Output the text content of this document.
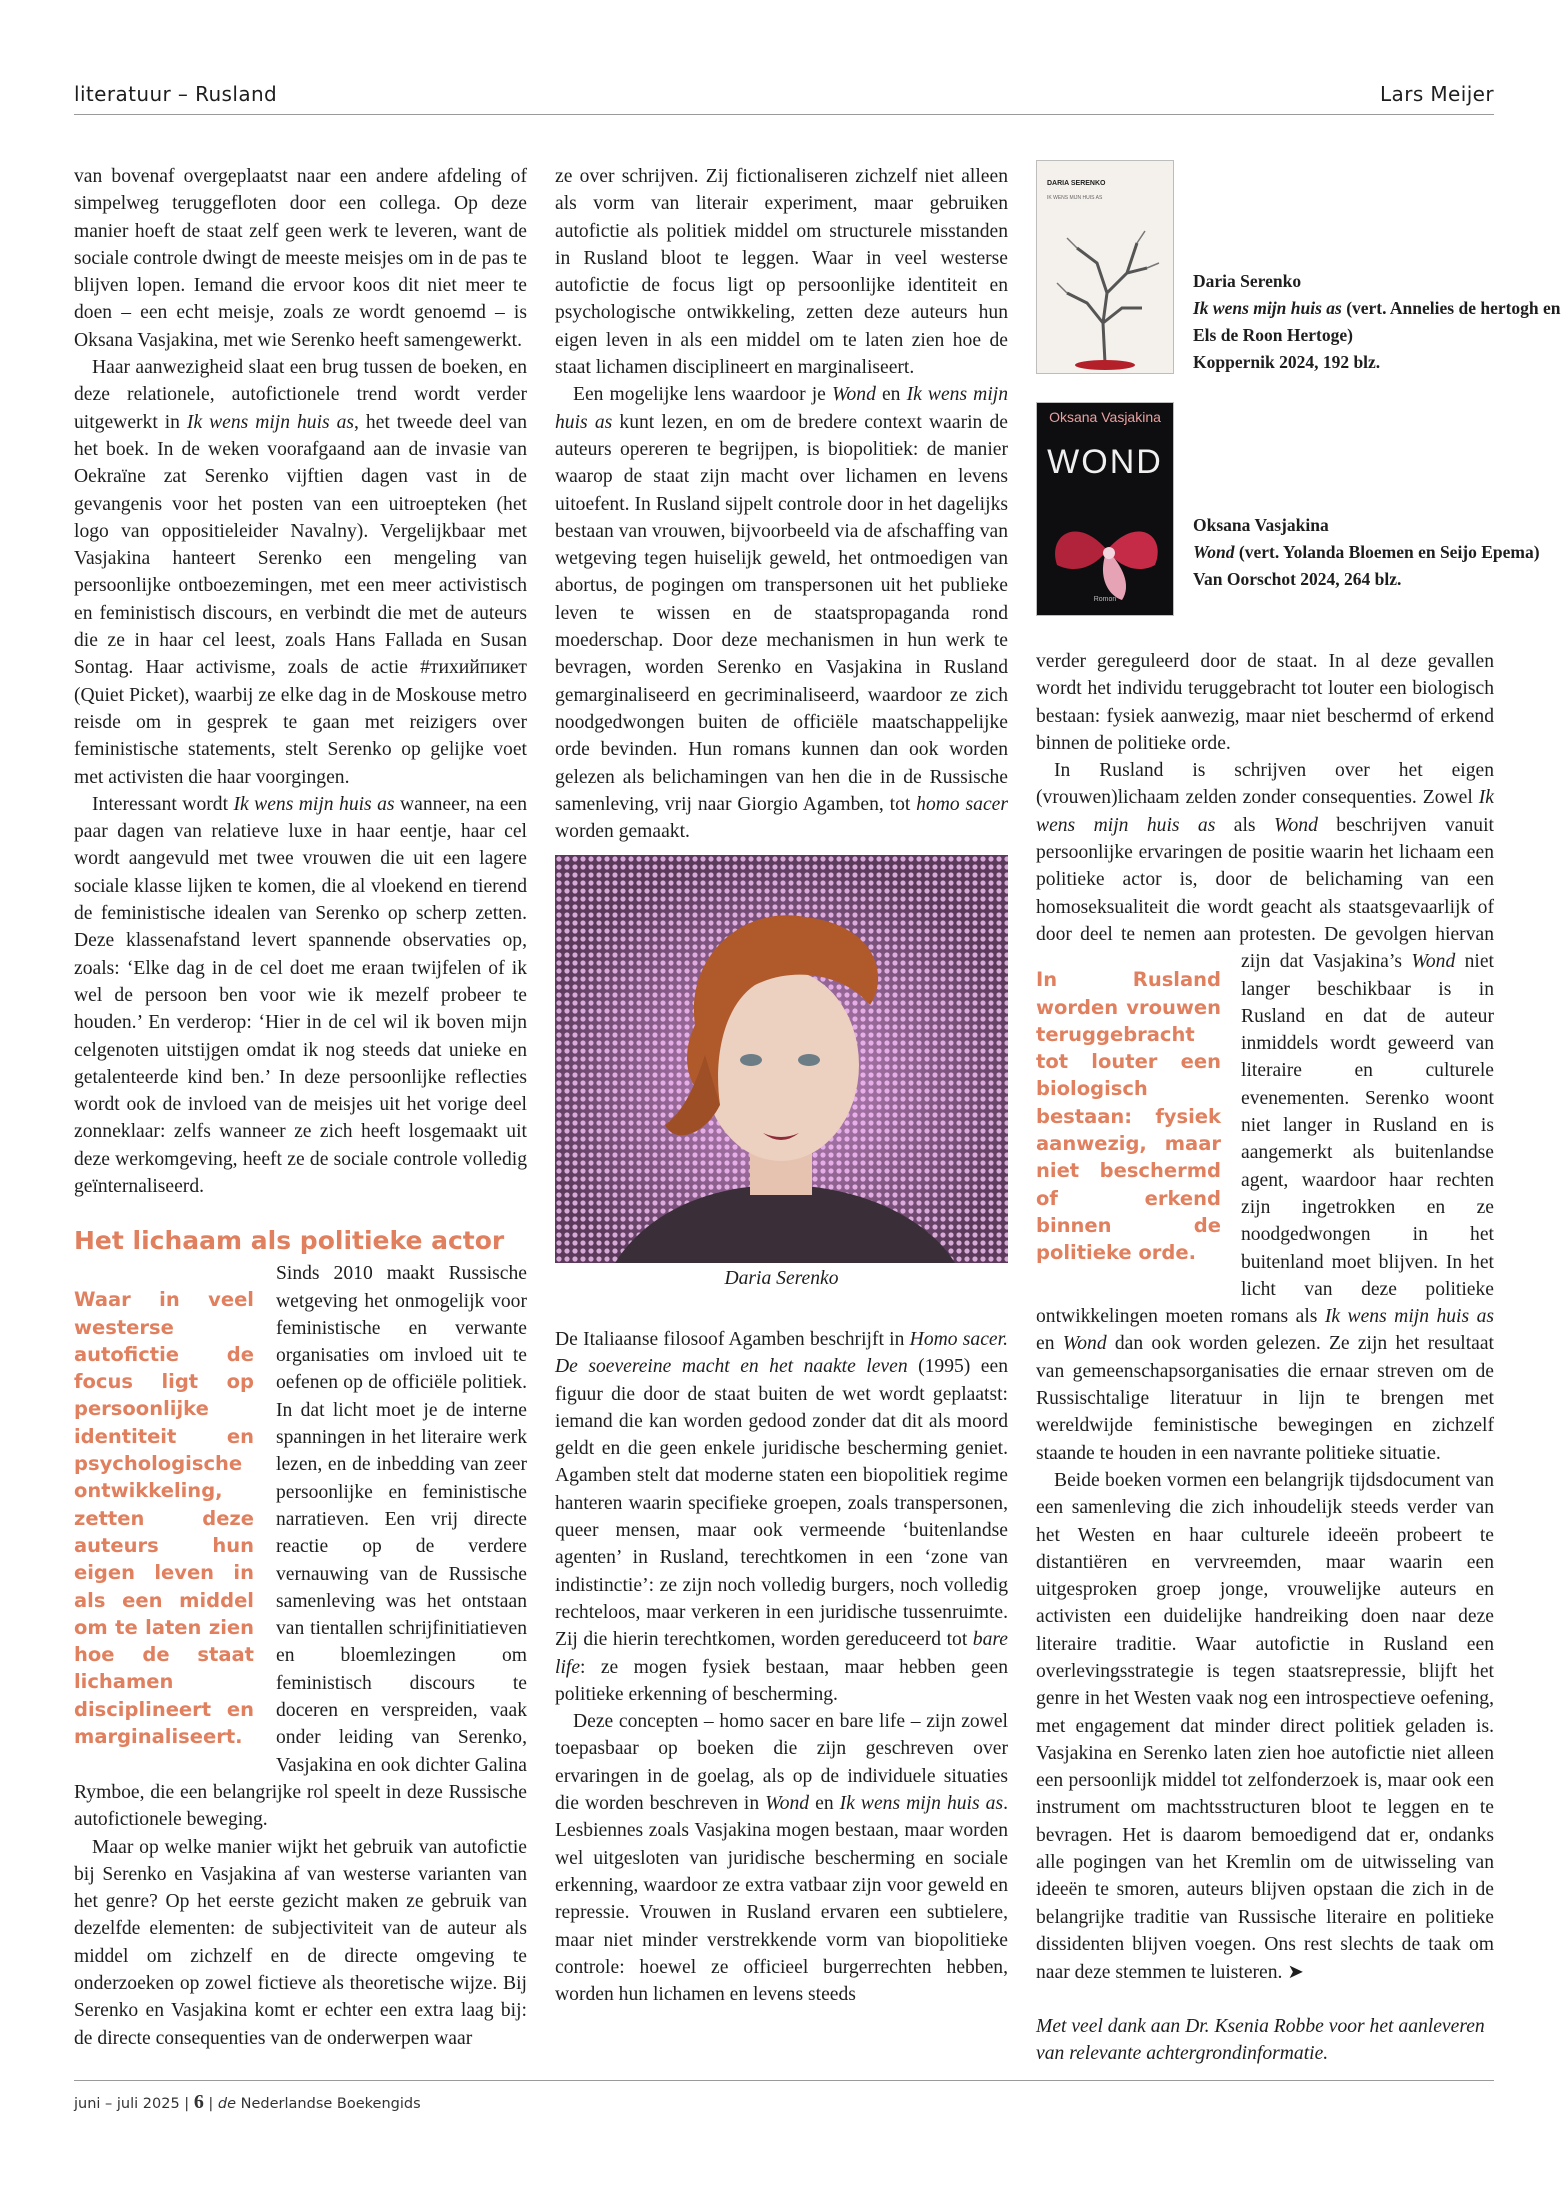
literatuur – Rusland	Lars Meijer

van bovenaf overgeplaatst naar een andere afdeling of simpelweg teruggefloten door een collega. Op deze manier hoeft de staat zelf geen werk te leveren, want de sociale controle dwingt de meeste meisjes om in de pas te blijven lopen. Iemand die ervoor koos dit niet meer te doen – een echt meisje, zoals ze wordt genoemd – is Oksana Vasjakina, met wie Serenko heeft samengewerkt.

Haar aanwezigheid slaat een brug tussen de boeken, en deze relationele, autofictionele trend wordt verder uitgewerkt in Ik wens mijn huis as, het tweede deel van het boek. In de weken voorafgaand aan de invasie van Oekraïne zat Serenko vijftien dagen vast in de gevangenis voor het posten van een uitroepteken (het logo van oppositieleider Navalny). Vergelijkbaar met Vasjakina hanteert Serenko een mengeling van persoonlijke ontboezemingen, met een meer activistisch en feministisch discours, en verbindt die met de auteurs die ze in haar cel leest, zoals Hans Fallada en Susan Sontag. Haar activisme, zoals de actie #тихийпикет (Quiet Picket), waarbij ze elke dag in de Moskouse metro reisde om in gesprek te gaan met reizigers over feministische statements, stelt Serenko op gelijke voet met activisten die haar voorgingen.

Interessant wordt Ik wens mijn huis as wanneer, na een paar dagen van relatieve luxe in haar eentje, haar cel wordt aangevuld met twee vrouwen die uit een lagere sociale klasse lijken te komen, die al vloekend en tierend de feministische idealen van Serenko op scherp zetten. Deze klassenafstand levert spannende observaties op, zoals: ‘Elke dag in de cel doet me eraan twijfelen of ik wel de persoon ben voor wie ik mezelf probeer te houden.’ En verderop: ‘Hier in de cel wil ik boven mijn celgenoten uitstijgen omdat ik nog steeds dat unieke en getalenteerde kind ben.’ In deze persoonlijke reflecties wordt ook de invloed van de meisjes uit het vorige deel zonneklaar: zelfs wanneer ze zich heeft losgemaakt uit deze werkomgeving, heeft ze de sociale controle volledig geïnternaliseerd.

Het lichaam als politieke actor

Waar in veel westerse autofictie de focus ligt op persoonlijke identiteit en psychologische ontwikkeling, zetten deze auteurs hun eigen leven in als een middel om te laten zien hoe de staat lichamen disciplineert en marginaliseert.
Sinds 2010 maakt Russische wetgeving het onmogelijk voor feministische en verwante organisaties om invloed uit te oefenen op de officiële politiek. In dat licht moet je de interne spanningen in het literaire werk lezen, en de inbedding van zeer persoonlijke en feministische narratieven. Een vrij directe reactie op de verdere vernauwing van de Russische samenleving was het ontstaan van tientallen schrijfinitiatieven en bloemlezingen om feministisch discours te doceren en verspreiden, vaak onder leiding van Serenko, Vasjakina en ook dichter Galina Rymboe, die een belangrijke rol speelt in deze Russische autofictionele beweging.

Maar op welke manier wijkt het gebruik van autofictie bij Serenko en Vasjakina af van westerse varianten van het genre? Op het eerste gezicht maken ze gebruik van dezelfde elementen: de subjectiviteit van de auteur als middel om zichzelf en de directe omgeving te onderzoeken op zowel fictieve als theoretische wijze. Bij Serenko en Vasjakina komt er echter een extra laag bij: de directe consequenties van de onderwerpen waar

ze over schrijven. Zij fictionaliseren zichzelf niet alleen als vorm van literair experiment, maar gebruiken autofictie als politiek middel om structurele misstanden in Rusland bloot te leggen. Waar in veel westerse autofictie de focus ligt op persoonlijke identiteit en psychologische ontwikkeling, zetten deze auteurs hun eigen leven in als een middel om te laten zien hoe de staat lichamen disciplineert en marginaliseert.

Een mogelijke lens waardoor je Wond en Ik wens mijn huis as kunt lezen, en om de bredere context waarin de auteurs opereren te begrijpen, is biopolitiek: de manier waarop de staat zijn macht over lichamen en levens uitoefent. In Rusland sijpelt controle door in het dagelijks bestaan van vrouwen, bijvoorbeeld via de afschaffing van wetgeving tegen huiselijk geweld, het ontmoedigen van abortus, de pogingen om transpersonen uit het publieke leven te wissen en de staatspropaganda rond moederschap. Door deze mechanismen in hun werk te bevragen, worden Serenko en Vasjakina in Rusland gemarginaliseerd en gecriminaliseerd, waardoor ze zich noodgedwongen buiten de officiële maatschappelijke orde bevinden. Hun romans kunnen dan ook worden gelezen als belichamingen van hen die in de Russische samenleving, vrij naar Giorgio Agamben, tot homo sacer worden gemaakt.

Daria Serenko

De Italiaanse filosoof Agamben beschrijft in Homo sacer. De soevereine macht en het naakte leven (1995) een figuur die door de staat buiten de wet wordt geplaatst: iemand die kan worden gedood zonder dat dit als moord geldt en die geen enkele juridische bescherming geniet. Agamben stelt dat moderne staten een biopolitiek regime hanteren waarin specifieke groepen, zoals transpersonen, queer mensen, maar ook vermeende ‘buitenlandse agenten’ in Rusland, terechtkomen in een ‘zone van indistinctie’: ze zijn noch volledig burgers, noch volledig rechteloos, maar verkeren in een juridische tussenruimte. Zij die hierin terechtkomen, worden gereduceerd tot bare life: ze mogen fysiek bestaan, maar hebben geen politieke erkenning of bescherming.

Deze concepten – homo sacer en bare life – zijn zowel toepasbaar op boeken die zijn geschreven over ervaringen in de goelag, als op de individuele situaties die worden beschreven in Wond en Ik wens mijn huis as. Lesbiennes zoals Vasjakina mogen bestaan, maar worden wel uitgesloten van juridische bescherming en sociale erkenning, waardoor ze extra vatbaar zijn voor geweld en repressie. Vrouwen in Rusland ervaren een subtielere, maar niet minder verstrekkende vorm van biopolitieke controle: hoewel ze officieel burgerrechten hebben, worden hun lichamen en levens steeds

DARIA SERENKO
IK WENS MIJN HUIS AS
Daria Serenko
Ik wens mijn huis as (vert. Annelies de hertogh en Els de Roon Hertoge)
Koppernik 2024, 192 blz.
Oksana Vasjakina
WOND
Romon
Oksana Vasjakina
Wond (vert. Yolanda Bloemen en Seijo Epema)
Van Oorschot 2024, 264 blz.

verder gereguleerd door de staat. In al deze gevallen wordt het individu teruggebracht tot louter een biologisch bestaan: fysiek aanwezig, maar niet beschermd of erkend binnen de politieke orde.

In Rusland is schrijven over het eigen (vrouwen)lichaam zelden zonder consequenties. Zowel Ik wens mijn huis as als Wond beschrijven vanuit persoonlijke ervaringen de positie waarin het lichaam een politieke actor is, door de belichaming van een homoseksualiteit die wordt geacht als staatsgevaarlijk of door deel te nemen aan protesten. De gevolgen hiervan zijn dat Vasjakina’s
In Rusland worden vrouwen teruggebracht tot louter een biologisch bestaan: fysiek aanwezig, maar niet beschermd of erkend binnen de politieke orde.
Wond niet langer beschikbaar is in Rusland en dat de auteur inmiddels wordt geweerd van literaire en culturele evenementen. Serenko woont niet langer in Rusland en is aangemerkt als buitenlandse agent, waardoor haar rechten zijn ingetrokken en ze noodgedwongen in het buitenland moet blijven. In het licht van deze politieke ontwikkelingen moeten romans als Ik wens mijn huis as en Wond dan ook worden gelezen. Ze zijn het resultaat van gemeenschapsorganisaties die ernaar streven om de Russischtalige literatuur in lijn te brengen met wereldwijde feministische bewegingen en zichzelf staande te houden in een navrante politieke situatie.

Beide boeken vormen een belangrijk tijdsdocument van een samenleving die zich inhoudelijk steeds verder van het Westen en haar culturele ideeën probeert te distantiëren en vervreemden, maar waarin een uitgesproken groep jonge, vrouwelijke auteurs en activisten een duidelijke handreiking doen naar deze literaire traditie. Waar autofictie in Rusland een overlevingsstrategie is tegen staatsrepressie, blijft het genre in het Westen vaak nog een introspectieve oefening, met engagement dat minder direct politiek geladen is. Vasjakina en Serenko laten zien hoe autofictie niet alleen een persoonlijk middel tot zelfonderzoek is, maar ook een instrument om machtsstructuren bloot te leggen en te bevragen. Het is daarom bemoedigend dat er, ondanks alle pogingen van het Kremlin om de uitwisseling van ideeën te smoren, auteurs blijven opstaan die zich in de belangrijke traditie van Russische literaire en politieke dissidenten blijven voegen. Ons rest slechts de taak om naar deze stemmen te luisteren. ➤

Met veel dank aan Dr. Ksenia Robbe voor het aanleveren van relevante achtergrondinformatie.

juni – juli 2025 | 6 | de Nederlandse Boekengids
